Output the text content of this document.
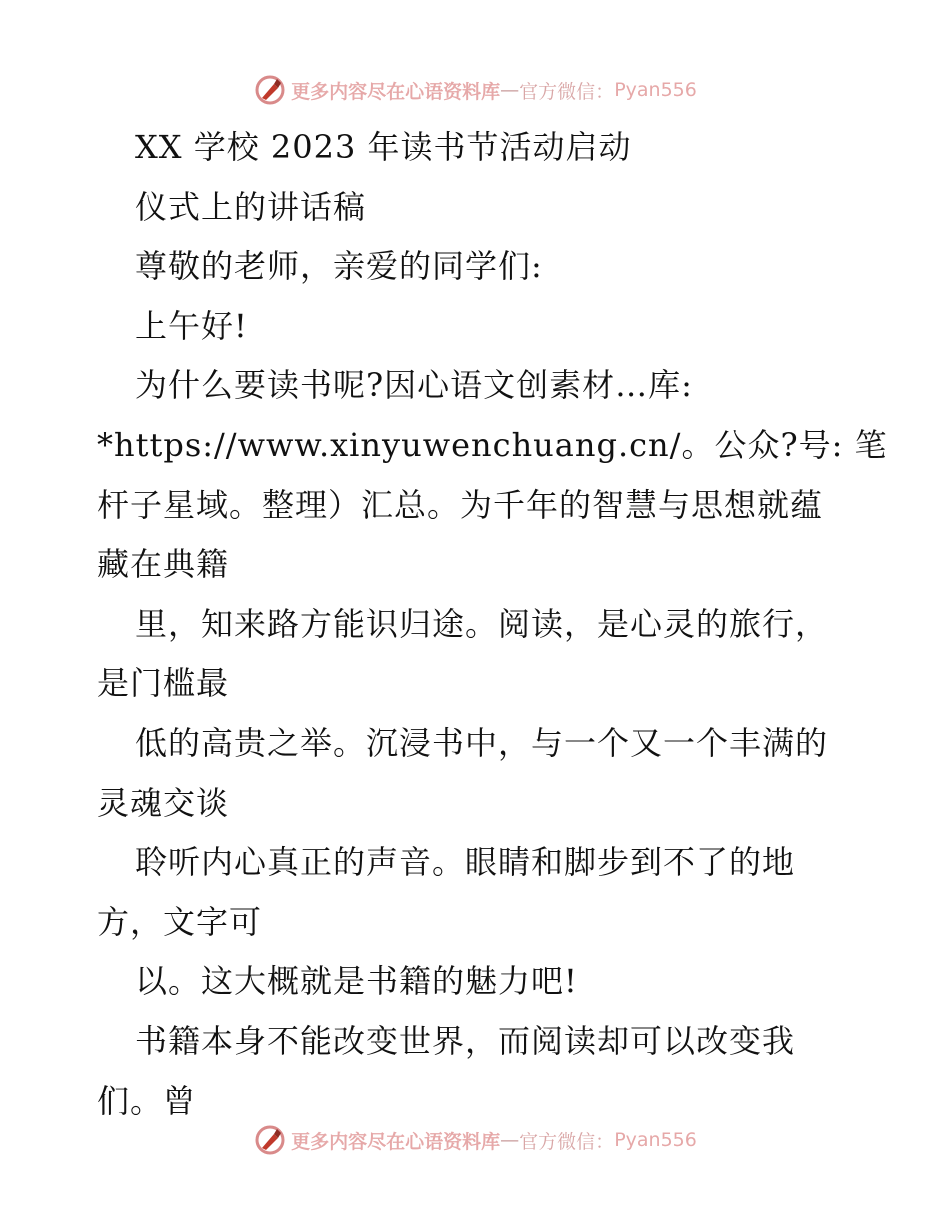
更多内容尽在心语资料库 — 官方微信： Pyan556
XX 学校 2023 年读书节活动启动
仪式上的讲话稿
尊敬的老师，亲爱的同学们:
上午好!
为什么要读书呢?因心语文创素材…库:
*https://www.xinyuwenchuang.cn/。公众?号: 笔
杆子星域。整理）汇总。为千年的智慧与思想就蕴
藏在典籍
里，知来路方能识归途。阅读，是心灵的旅行，
是门槛最
低的高贵之举。沉浸书中，与一个又一个丰满的
灵魂交谈
聆听内心真正的声音。眼睛和脚步到不了的地
方，文字可
以。这大概就是书籍的魅力吧!
书籍本身不能改变世界，而阅读却可以改变我
们。曾
更多内容尽在心语资料库 — 官方微信： Pyan556
